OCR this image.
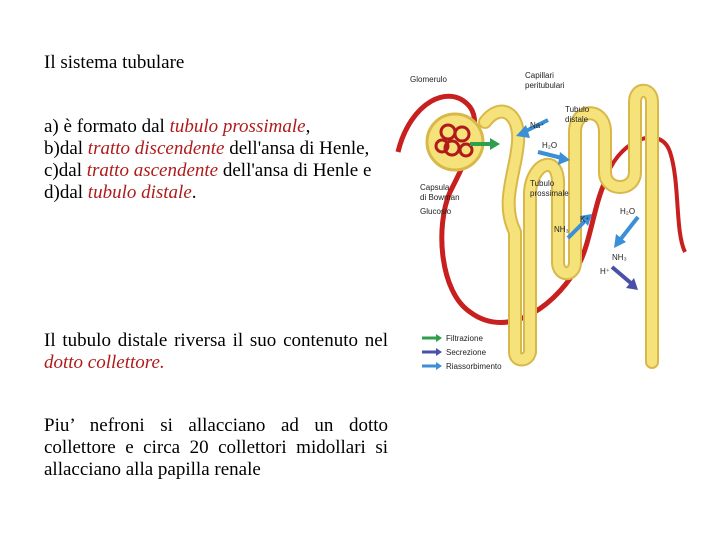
Il sistema tubulare
a) è formato dal tubulo prossimale,
b)dal tratto discendente dell'ansa di Henle,
c)dal tratto ascendente dell'ansa di Henle e
d)dal tubulo distale.
Il tubulo distale riversa il suo contenuto nel dotto collettore.
Piu’ nefroni si allacciano ad un dotto collettore e circa 20 collettori midollari si allacciano alla papilla renale
Glomerulo	Capillari
peritubulari
Tubulo
distale
Na⁺
H₂O
Capsula
di Bowman
Glucosio
Tubulo
prossimale
K⁺
NH₃
H₂O
NH₃
H⁺
Filtrazione
Secrezione
Riassorbimento
